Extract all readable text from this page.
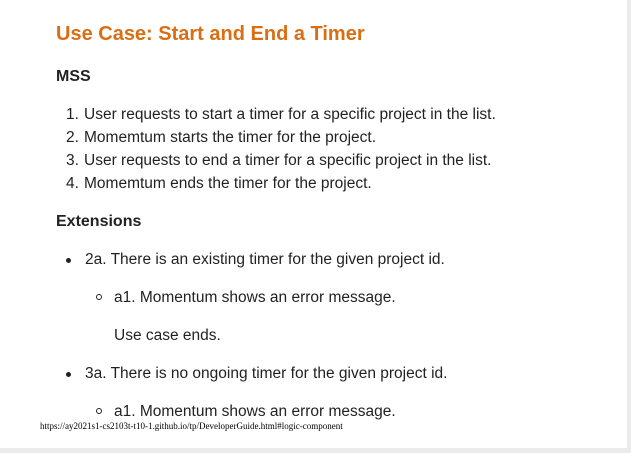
Use Case: Start and End a Timer
MSS
1. User requests to start a timer for a specific project in the list.
2. Momemtum starts the timer for the project.
3. User requests to end a timer for a specific project in the list.
4. Momemtum ends the timer for the project.
Extensions
2a. There is an existing timer for the given project id.
a1. Momentum shows an error message.
Use case ends.
3a. There is no ongoing timer for the given project id.
a1. Momentum shows an error message.
https://ay2021s1-cs2103t-t10-1.github.io/tp/DeveloperGuide.html#logic-component
